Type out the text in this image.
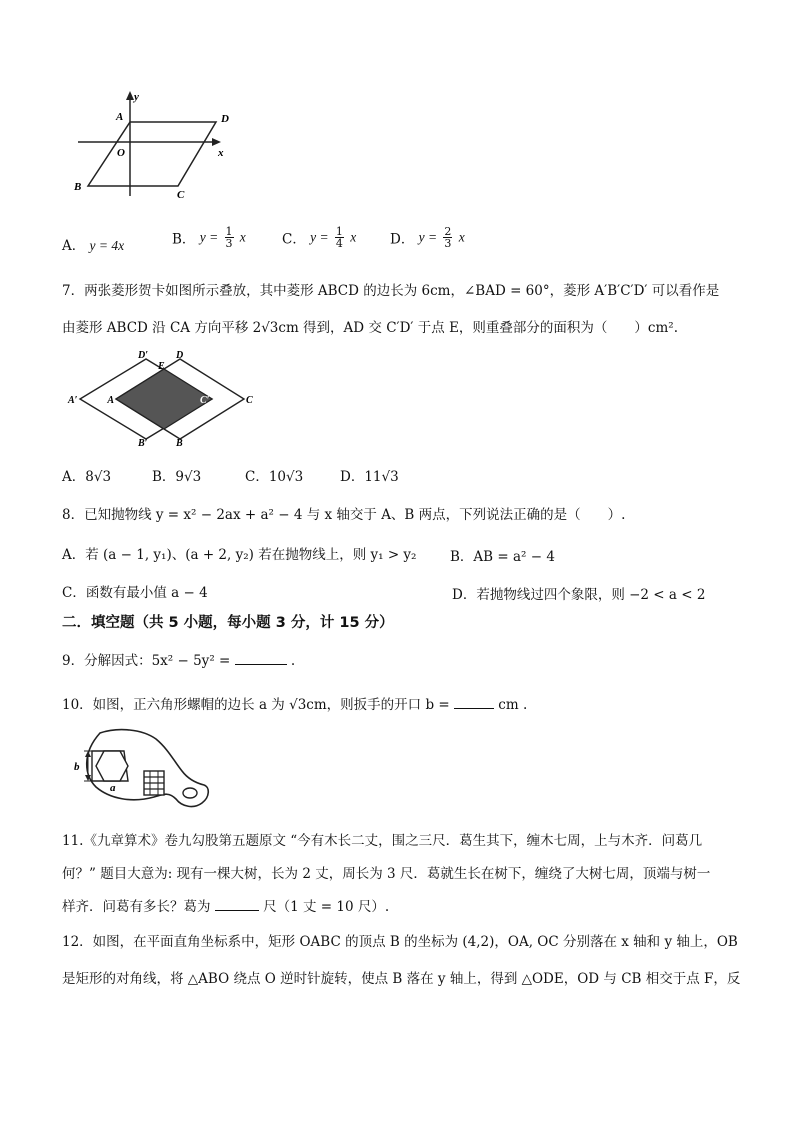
y
A	D
O	x
B
C
A． y = 4x	B． $y = \frac{1}{3}$ x	C． $y = \frac{1}{4}$ x	D． $y = \frac{2}{3}$ x
7．两张菱形贺卡如图所示叠放，其中菱形 ABCD 的边长为 6cm，∠BAD = 60°，菱形 A′B′C′D′ 可以看作是
由菱形 ABCD 沿 CA 方向平移 2√3cm 得到，AD 交 C′D′ 于点 E，则重叠部分的面积为（　　）cm².
D′
E
D
A′	A	C′	C
B′	B
A．8√3	B．9√3	C．10√3	D．11√3
8．已知抛物线 y = x² − 2ax + a² − 4 与 x 轴交于 A、B 两点，下列说法正确的是（　　）.
A．若 (a − 1, y₁)、(a + 2, y₂) 若在抛物线上，则 y₁ > y₂ B．AB = a² − 4
C．函数有最小值 a − 4	D．若抛物线过四个象限，则 −2 < a < 2
二．填空题（共 5 小题，每小题 3 分，计 15 分）
9．分解因式：5x² − 5y² =	.
10．如图，正六角形螺帽的边长 a 为 √3cm，则扳手的开口 b =	cm .
b
a
11.《九章算术》卷九勾股第五题原文 “今有木长二丈，围之三尺．葛生其下，缠木七周，上与木齐．问葛几
何？” 题目大意为: 现有一棵大树，长为 2 丈，周长为 3 尺．葛就生长在树下，缠绕了大树七周，顶端与树一
样齐．问葛有多长？葛为	尺（1 丈 = 10 尺）.
12．如图，在平面直角坐标系中，矩形 OABC 的顶点 B 的坐标为 (4,2)，OA, OC 分别落在 x 轴和 y 轴上，OB
是矩形的对角线，将 △ABO 绕点 O 逆时针旋转，使点 B 落在 y 轴上，得到 △ODE，OD 与 CB 相交于点 F，反
